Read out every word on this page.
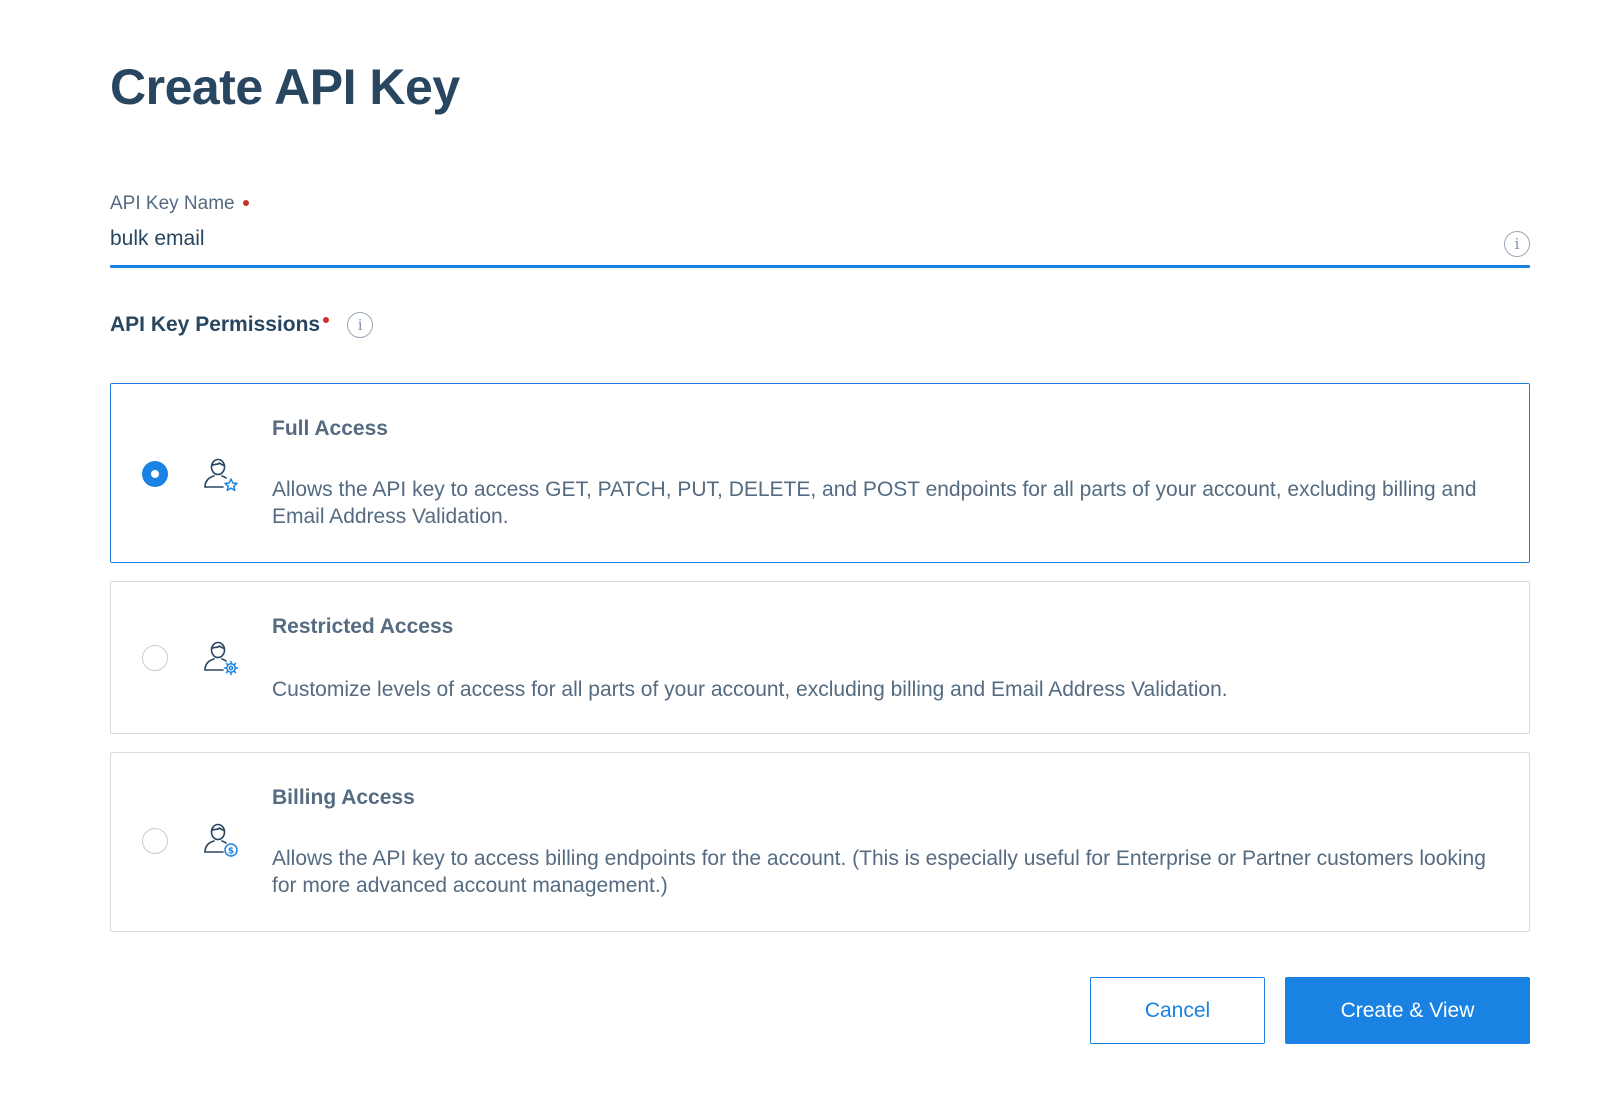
Create API Key
API Key Name
bulk email
i
API Key Permissions	i
Full Access
Allows the API key to access GET, PATCH, PUT, DELETE, and POST endpoints for all parts of your account, excluding billing and Email Address Validation.
Restricted Access
Customize levels of access for all parts of your account, excluding billing and Email Address Validation.
$
Billing Access
Allows the API key to access billing endpoints for the account. (This is especially useful for Enterprise or Partner customers looking for more advanced account management.)
Cancel	Create & View
